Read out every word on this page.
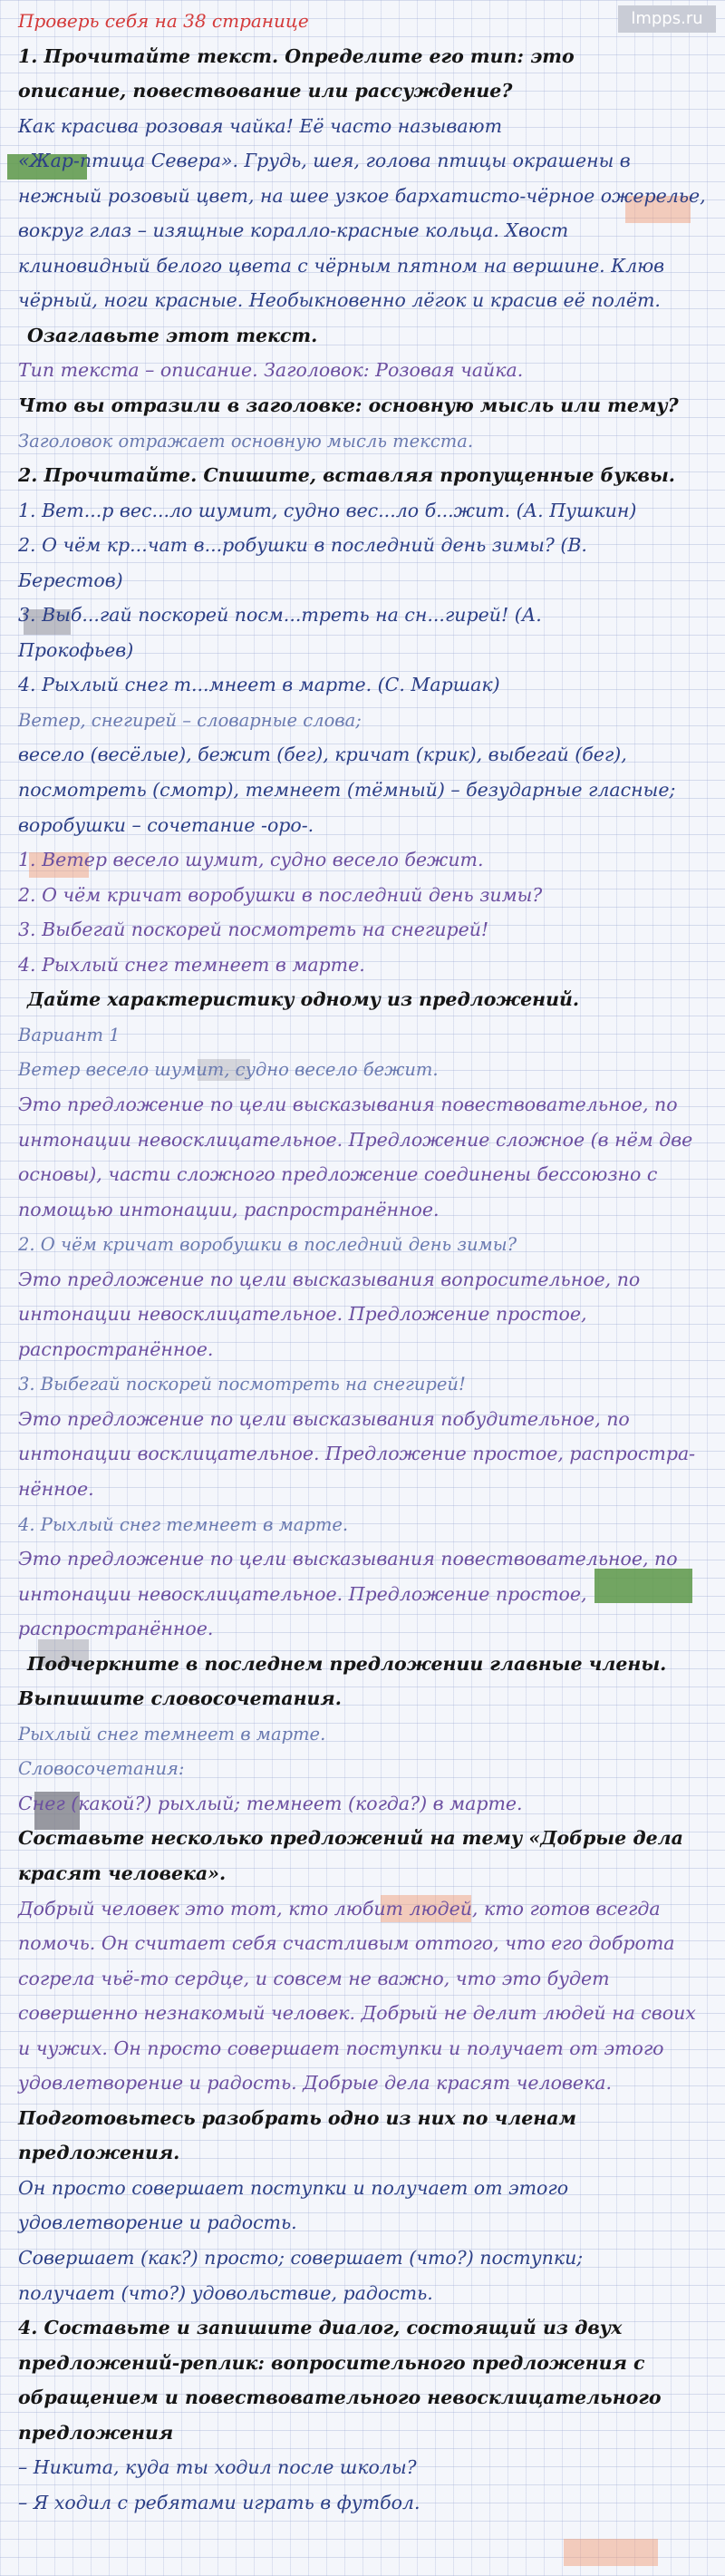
lmpps.ru
Проверь себя на 38 странице
1. Прочитайте текст. Определите его тип: это
описание, повествование или рассуждение?
Как красива розовая чайка! Её часто называют
«Жар-птица Севера». Грудь, шея, голова птицы окрашены в
нежный розовый цвет, на шее узкое бархатисто-чёрное ожерелье,
вокруг глаз – изящные коралло-красные кольца. Хвост
клиновидный белого цвета с чёрным пятном на вершине. Клюв
чёрный, ноги красные. Необыкновенно лёгок и красив её полёт.
Озаглавьте этот текст.
Тип текста – описание. Заголовок: Розовая чайка.
Что вы отразили в заголовке: основную мысль или тему?
Заголовок отражает основную мысль текста.
2. Прочитайте. Спишите, вставляя пропущенные буквы.
1. Вет...р вес...ло шумит, судно вес...ло б...жит. (А. Пушкин)
2. О чём кр...чат в...робушки в последний день зимы? (В.
Берестов)
3. Выб...гай поскорей посм...треть на сн...гирей! (А.
Прокофьев)
4. Рыхлый снег т...мнеет в марте. (С. Маршак)
Ветер, снегирей – словарные слова;
весело (весёлые), бежит (бег), кричат (крик), выбегай (бег),
посмотреть (смотр), темнеет (тёмный) – безударные гласные;
воробушки – сочетание -оро-.
1. Ветер весело шумит, судно весело бежит.
2. О чём кричат воробушки в последний день зимы?
3. Выбегай поскорей посмотреть на снегирей!
4. Рыхлый снег темнеет в марте.
Дайте характеристику одному из предложений.
Вариант 1
Ветер весело шумит, судно весело бежит.
Это предложение по цели высказывания повествовательное, по
интонации невосклицательное. Предложение сложное (в нём две
основы), части сложного предложение соединены бессоюзно с
помощью интонации, распространённое.
2. О чём кричат воробушки в последний день зимы?
Это предложение по цели высказывания вопросительное, по
интонации невосклицательное. Предложение простое,
распространённое.
3. Выбегай поскорей посмотреть на снегирей!
Это предложение по цели высказывания побудительное, по
интонации восклицательное. Предложение простое, распростра-
нённое.
4. Рыхлый снег темнеет в марте.
Это предложение по цели высказывания повествовательное, по
интонации невосклицательное. Предложение простое,
распространённое.
Подчеркните в последнем предложении главные члены.
Выпишите словосочетания.
Рыхлый снег темнеет в марте.
Словосочетания:
Снег (какой?) рыхлый; темнеет (когда?) в марте.
Составьте несколько предложений на тему «Добрые дела
красят человека».
Добрый человек это тот, кто любит людей, кто готов всегда
помочь. Он считает себя счастливым оттого, что его доброта
согрела чьё-то сердце, и совсем не важно, что это будет
совершенно незнакомый человек. Добрый не делит людей на своих
и чужих. Он просто совершает поступки и получает от этого
удовлетворение и радость. Добрые дела красят человека.
Подготовьтесь разобрать одно из них по членам
предложения.
Он просто совершает поступки и получает от этого
удовлетворение и радость.
Совершает (как?) просто; совершает (что?) поступки;
получает (что?) удовольствие, радость.
4. Составьте и запишите диалог, состоящий из двух
предложений-реплик: вопросительного предложения с
обращением и повествовательного невосклицательного
предложения
– Никита, куда ты ходил после школы?
– Я ходил с ребятами играть в футбол.
